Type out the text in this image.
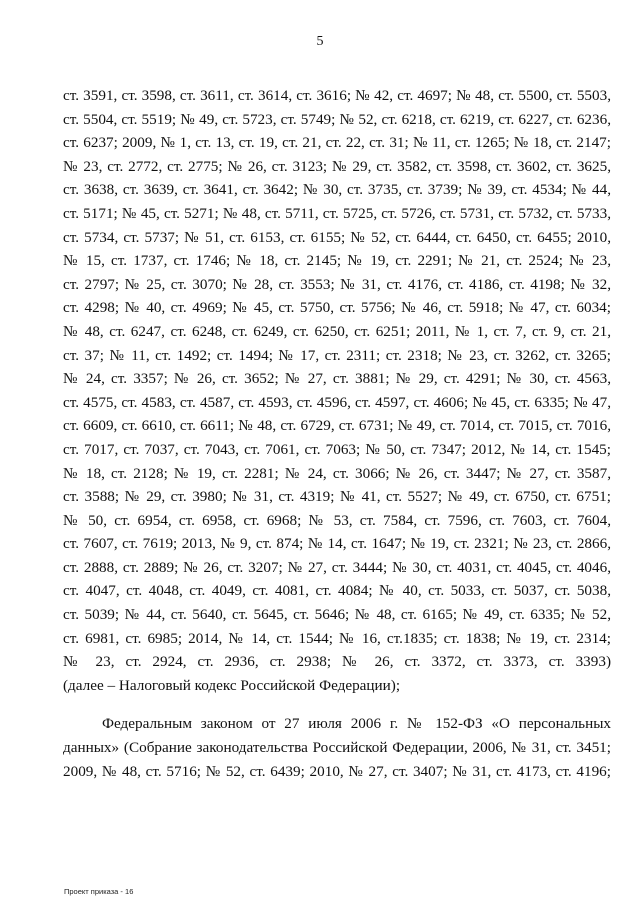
5
ст. 3591, ст. 3598, ст. 3611, ст. 3614, ст. 3616; № 42, ст. 4697; № 48, ст. 5500, ст. 5503,
ст. 5504, ст. 5519; № 49, ст. 5723, ст. 5749; № 52, ст. 6218, ст. 6219, ст. 6227, ст. 6236,
ст. 6237; 2009, № 1, ст. 13, ст. 19, ст. 21, ст. 22, ст. 31; № 11, ст. 1265; № 18, ст. 2147;
№ 23, ст. 2772, ст. 2775; № 26, ст. 3123; № 29, ст. 3582, ст. 3598, ст. 3602, ст. 3625,
ст. 3638, ст. 3639, ст. 3641, ст. 3642; № 30, ст. 3735, ст. 3739; № 39, ст. 4534; № 44,
ст. 5171; № 45, ст. 5271; № 48, ст. 5711, ст. 5725, ст. 5726, ст. 5731, ст. 5732, ст. 5733,
ст. 5734, ст. 5737; № 51, ст. 6153, ст. 6155; № 52, ст. 6444, ст. 6450, ст. 6455; 2010,
№ 15, ст. 1737, ст. 1746; № 18, ст. 2145; № 19, ст. 2291; № 21, ст. 2524; № 23,
ст. 2797; № 25, ст. 3070; № 28, ст. 3553; № 31, ст. 4176, ст. 4186, ст. 4198; № 32,
ст. 4298; № 40, ст. 4969; № 45, ст. 5750, ст. 5756; № 46, ст. 5918; № 47, ст. 6034;
№ 48, ст. 6247, ст. 6248, ст. 6249, ст. 6250, ст. 6251; 2011, № 1, ст. 7, ст. 9, ст. 21,
ст. 37; № 11, ст. 1492; ст. 1494; № 17, ст. 2311; ст. 2318; № 23, ст. 3262, ст. 3265;
№ 24, ст. 3357; № 26, ст. 3652; № 27, ст. 3881; № 29, ст. 4291; № 30, ст. 4563,
ст. 4575, ст. 4583, ст. 4587, ст. 4593, ст. 4596, ст. 4597, ст. 4606; № 45, ст. 6335; № 47,
ст. 6609, ст. 6610, ст. 6611; № 48, ст. 6729, ст. 6731; № 49, ст. 7014, ст. 7015, ст. 7016,
ст. 7017, ст. 7037, ст. 7043, ст. 7061, ст. 7063; № 50, ст. 7347; 2012, № 14, ст. 1545;
№ 18, ст. 2128; № 19, ст. 2281; № 24, ст. 3066; № 26, ст. 3447; № 27, ст. 3587,
ст. 3588; № 29, ст. 3980; № 31, ст. 4319; № 41, ст. 5527; № 49, ст. 6750, ст. 6751;
№ 50, ст. 6954, ст. 6958, ст. 6968; № 53, ст. 7584, ст. 7596, ст. 7603, ст. 7604,
ст. 7607, ст. 7619; 2013, № 9, ст. 874; № 14, ст. 1647; № 19, ст. 2321; № 23, ст. 2866,
ст. 2888, ст. 2889; № 26, ст. 3207; № 27, ст. 3444; № 30, ст. 4031, ст. 4045, ст. 4046,
ст. 4047, ст. 4048, ст. 4049, ст. 4081, ст. 4084; № 40, ст. 5033, ст. 5037, ст. 5038,
ст. 5039; № 44, ст. 5640, ст. 5645, ст. 5646; № 48, ст. 6165; № 49, ст. 6335; № 52,
ст. 6981, ст. 6985; 2014, № 14, ст. 1544; № 16, ст.1835; ст. 1838; № 19, ст. 2314;
№ 23, ст. 2924, ст. 2936, ст. 2938; № 26, ст. 3372, ст. 3373, ст. 3393)
(далее – Налоговый кодекс Российской Федерации);
Федеральным законом от 27 июля 2006 г. № 152-ФЗ «О персональных
данных» (Собрание законодательства Российской Федерации, 2006, № 31, ст. 3451;
2009, № 48, ст. 5716; № 52, ст. 6439; 2010, № 27, ст. 3407; № 31, ст. 4173, ст. 4196;
Проект приказа - 16
